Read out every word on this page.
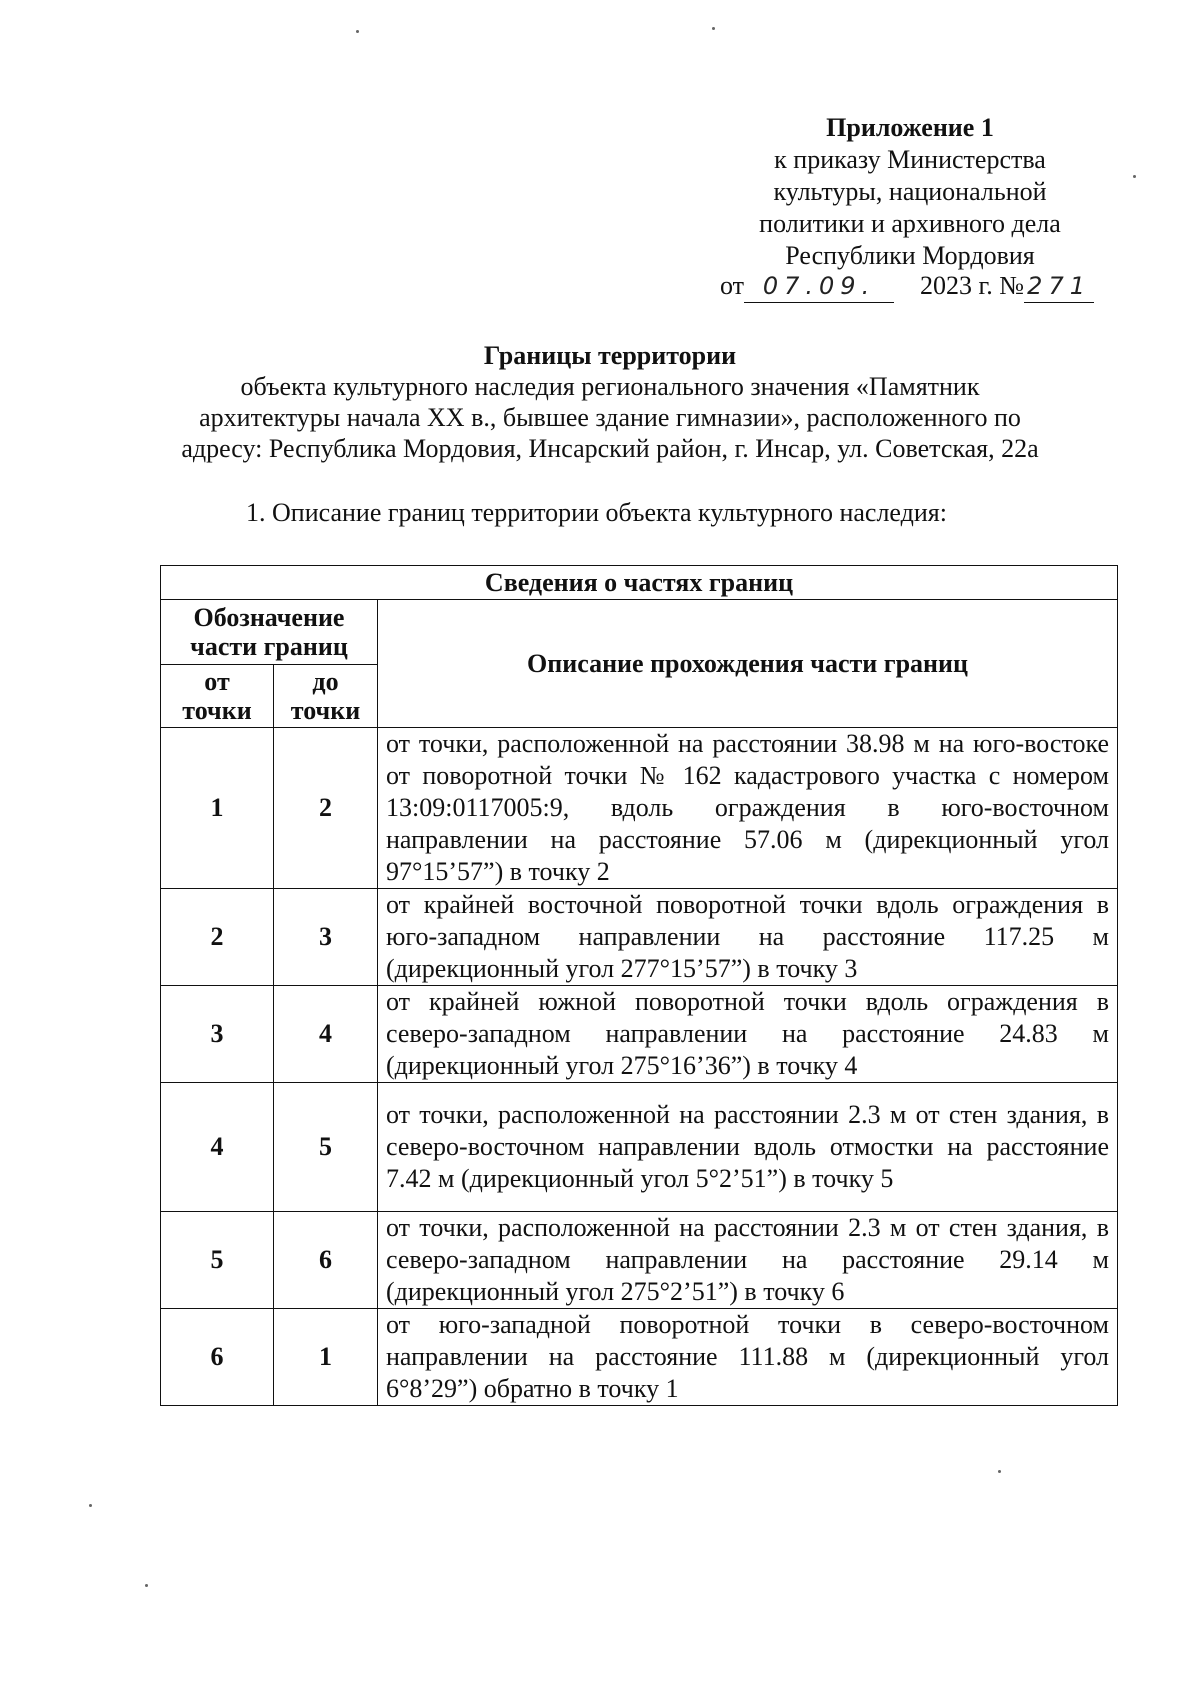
Приложение 1
к приказу Министерства
культуры, национальной
политики и архивного дела
Республики Мордовия
от 07.09. 2023 г. № 271
Границы территории
объекта культурного наследия регионального значения «Памятник
архитектуры начала XX в., бывшее здание гимназии», расположенного по
адресу: Республика Мордовия, Инсарский район, г. Инсар, ул. Советская, 22а
1. Описание границ территории объекта культурного наследия:
Сведения о частях границ		
Обозначение части границ		Описание прохождения части границ
от точки	до точки	
1	2	от точки, расположенной на расстоянии 38.98 м на юго-востоке от поворотной точки № 162 кадастрового участка с номером 13:09:0117005:9, вдоль ограждения в юго-восточном направлении на расстояние 57.06 м (дирекционный угол 97°15’57”) в точку 2
2	3	от крайней восточной поворотной точки вдоль ограждения в юго-западном направлении на расстояние 117.25 м (дирекционный угол 277°15’57”) в точку 3
3	4	от крайней южной поворотной точки вдоль ограждения в северо-западном направлении на расстояние 24.83 м (дирекционный угол 275°16’36”) в точку 4
4	5	от точки, расположенной на расстоянии 2.3 м от стен здания, в северо-восточном направлении вдоль отмостки на расстояние 7.42 м (дирекционный угол 5°2’51”) в точку 5
5	6	от точки, расположенной на расстоянии 2.3 м от стен здания, в северо-западном направлении на расстояние 29.14 м (дирекционный угол 275°2’51”) в точку 6
6	1	от юго-западной поворотной точки в северо-восточном направлении на расстояние 111.88 м (дирекционный угол 6°8’29”) обратно в точку 1
